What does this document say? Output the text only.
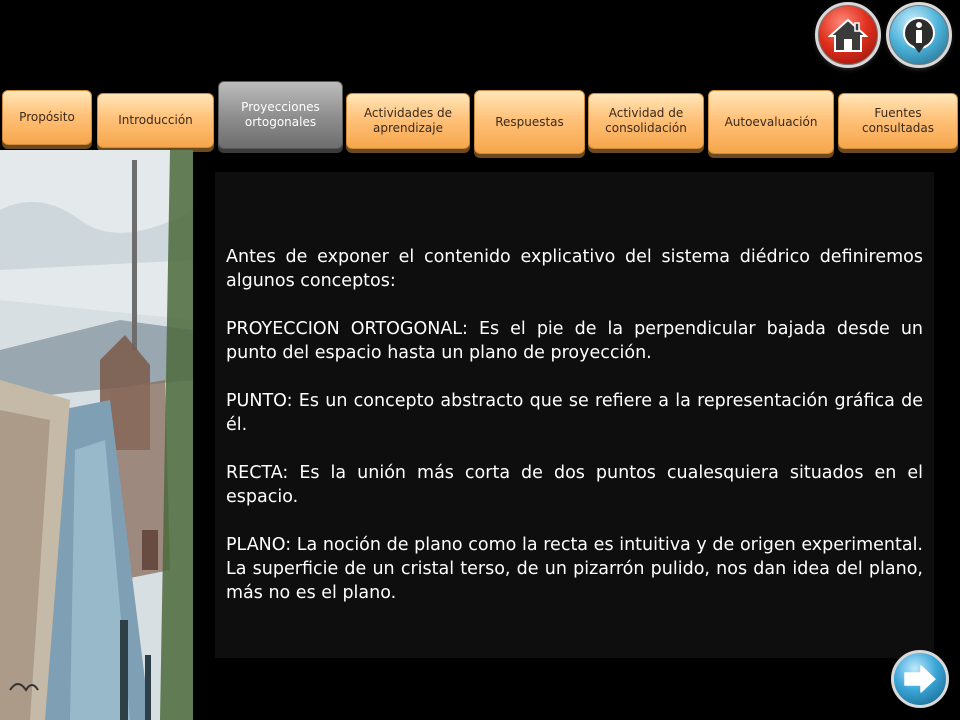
Propósito	Introducción
Proyecciones ortogonales
Actividades de aprendizaje	Respuestas
Actividad de consolidación	Autoevaluación
Fuentes consultadas

Antes de exponer el contenido explicativo del sistema diédrico definiremos algunos conceptos:

PROYECCION ORTOGONAL: Es el pie de la perpendicular bajada desde un punto del espacio hasta un plano de proyección.

PUNTO: Es un concepto abstracto que se refiere a la representación gráfica de él.

RECTA: Es la unión más corta de dos puntos cualesquiera situados en el espacio.

PLANO: La noción de plano como la recta es intuitiva y de origen experimental. La superficie de un cristal terso, de un pizarrón pulido, nos dan idea del plano, más no es el plano.
